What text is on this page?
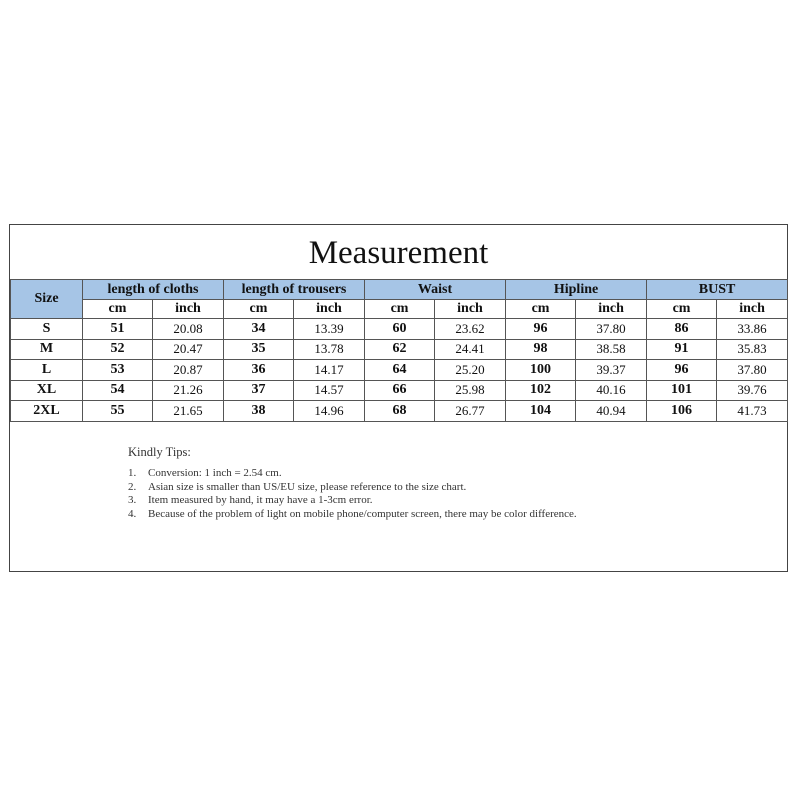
Measurement
Size	length of cloths		length of trousers		Waist		Hipline		BUST	
	cm	inch	cm	inch	cm	inch	cm	inch	cm	inch
S	51	20.08	34	13.39	60	23.62	96	37.80	86	33.86
M	52	20.47	35	13.78	62	24.41	98	38.58	91	35.83
L	53	20.87	36	14.17	64	25.20	100	39.37	96	37.80
XL	54	21.26	37	14.57	66	25.98	102	40.16	101	39.76
2XL	55	21.65	38	14.96	68	26.77	104	40.94	106	41.73
Kindly Tips:
1.	Conversion: 1 inch = 2.54 cm.
2.	Asian size is smaller than US/EU size, please reference to the size chart.
3.	Item measured by hand, it may have a 1-3cm error.
4.	Because of the problem of light on mobile phone/computer screen, there may be color difference.
